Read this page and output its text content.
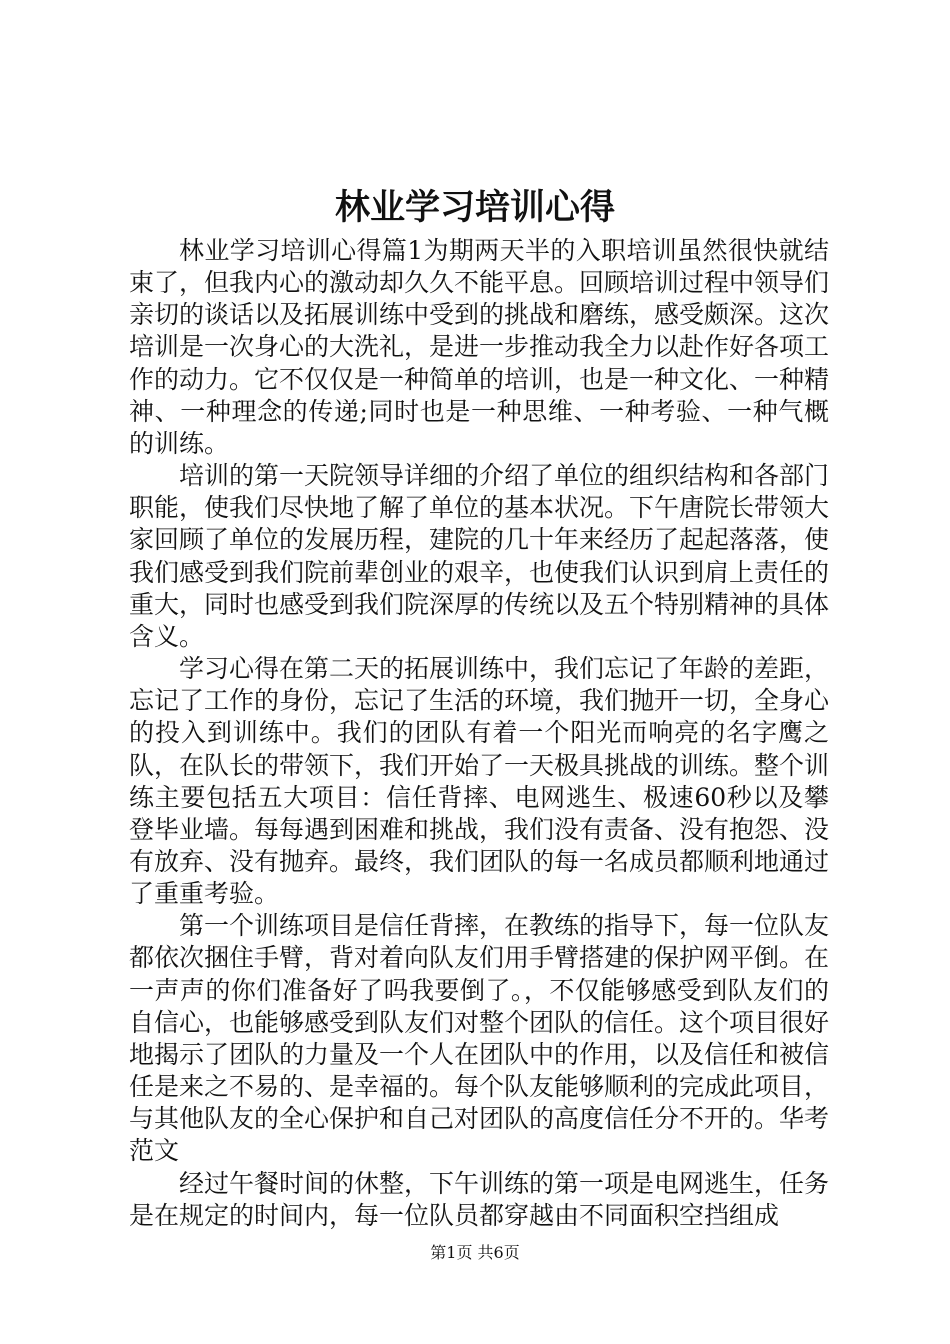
林业学习培训心得

林业学习培训心得篇1为期两天半的入职培训虽然很快就结束了，但我内心的激动却久久不能平息。回顾培训过程中领导们亲切的谈话以及拓展训练中受到的挑战和磨练，感受颇深。这次培训是一次身心的大洗礼，是进一步推动我全力以赴作好各项工作的动力。它不仅仅是一种简单的培训，也是一种文化、一种精神、一种理念的传递;同时也是一种思维、一种考验、一种气概的训练。

培训的第一天院领导详细的介绍了单位的组织结构和各部门职能，使我们尽快地了解了单位的基本状况。下午唐院长带领大家回顾了单位的发展历程，建院的几十年来经历了起起落落，使我们感受到我们院前辈创业的艰辛，也使我们认识到肩上责任的重大，同时也感受到我们院深厚的传统以及五个特别精神的具体含义。

学习心得在第二天的拓展训练中，我们忘记了年龄的差距，忘记了工作的身份，忘记了生活的环境，我们抛开一切，全身心的投入到训练中。我们的团队有着一个阳光而响亮的名字鹰之队，在队长的带领下，我们开始了一天极具挑战的训练。整个训练主要包括五大项目：信任背摔、电网逃生、极速60秒以及攀登毕业墙。每每遇到困难和挑战，我们没有责备、没有抱怨、没有放弃、没有抛弃。最终，我们团队的每一名成员都顺利地通过了重重考验。

第一个训练项目是信任背摔，在教练的指导下，每一位队友都依次捆住手臂，背对着向队友们用手臂搭建的保护网平倒。在一声声的你们准备好了吗我要倒了。，不仅能够感受到队友们的自信心，也能够感受到队友们对整个团队的信任。这个项目很好地揭示了团队的力量及一个人在团队中的作用，以及信任和被信任是来之不易的、是幸福的。每个队友能够顺利的完成此项目，与其他队友的全心保护和自己对团队的高度信任分不开的。华考范文

经过午餐时间的休整，下午训练的第一项是电网逃生，任务是在规定的时间内，每一位队员都穿越由不同面积空挡组成

第1页 共6页
